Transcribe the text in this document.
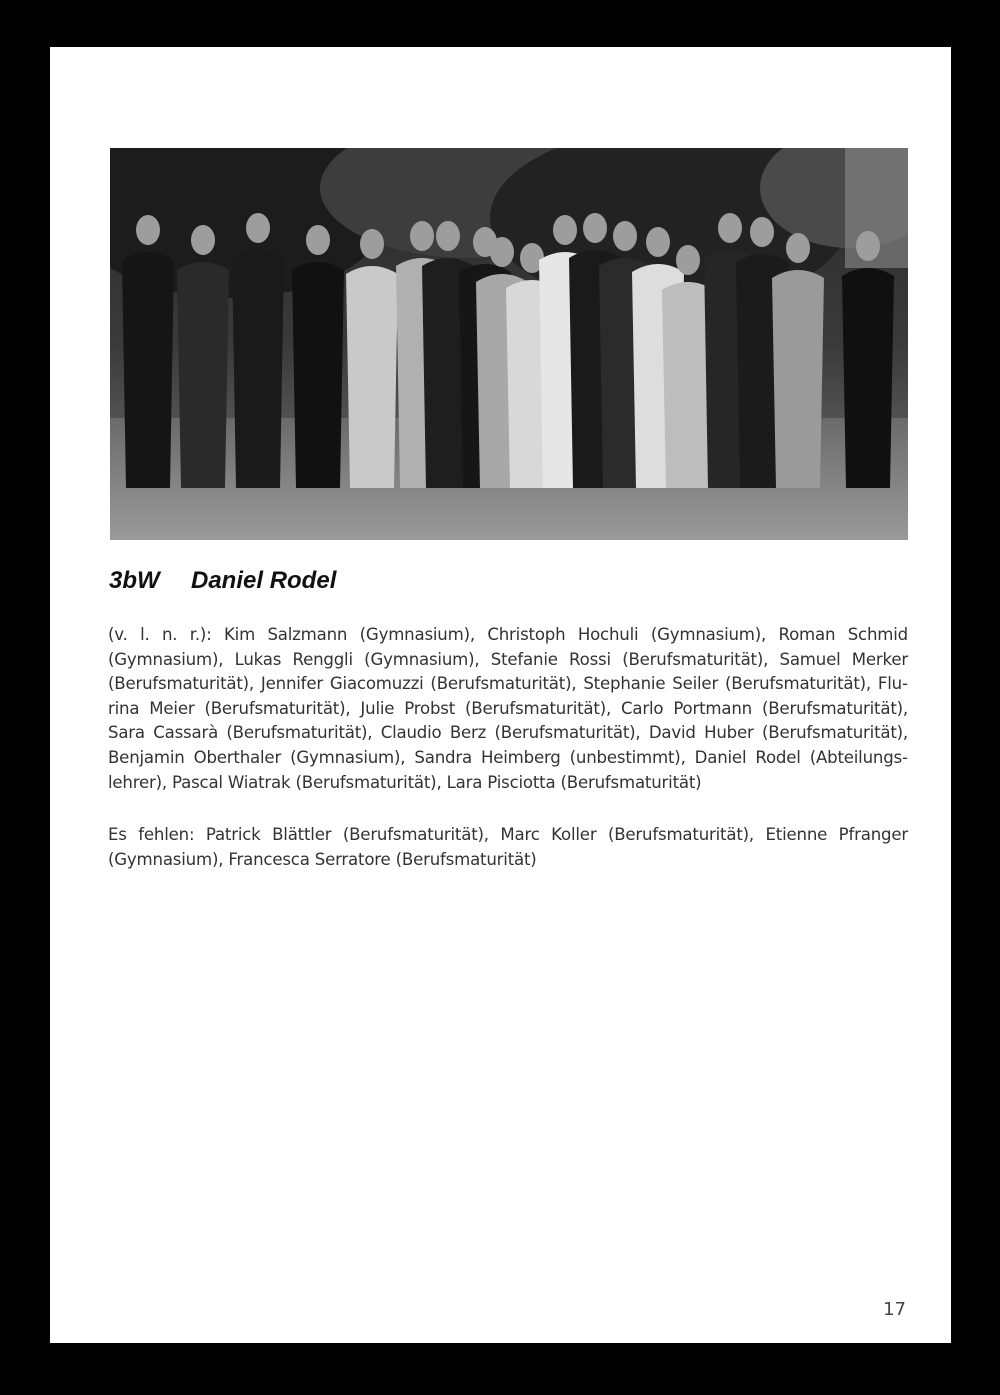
3bW Daniel Rodel

(v. l. n. r.): Kim Salzmann (Gymnasium), Christoph Hochuli (Gymnasium), Roman Schmid (Gymnasium), Lukas Renggli (Gymnasium), Stefanie Rossi (Berufsmaturität), Samuel Merker (Berufsmaturität), Jennifer Giacomuzzi (Berufsmaturität), Stephanie Seiler (Berufsmaturität), Flurina Meier (Berufsmaturität), Julie Probst (Berufsmaturität), Carlo Portmann (Berufsmaturität), Sara Cassarà (Berufsmaturität), Claudio Berz (Berufsmaturität), David Huber (Berufsmaturität), Benjamin Oberthaler (Gymnasium), Sandra Heimberg (unbestimmt), Daniel Rodel (Abteilungslehrer), Pascal Wiatrak (Berufsmaturität), Lara Pisciotta (Berufsmaturität)

Es fehlen: Patrick Blättler (Berufsmaturität), Marc Koller (Berufsmaturität), Etienne Pfranger (Gymnasium), Francesca Serratore (Berufsmaturität)

17
